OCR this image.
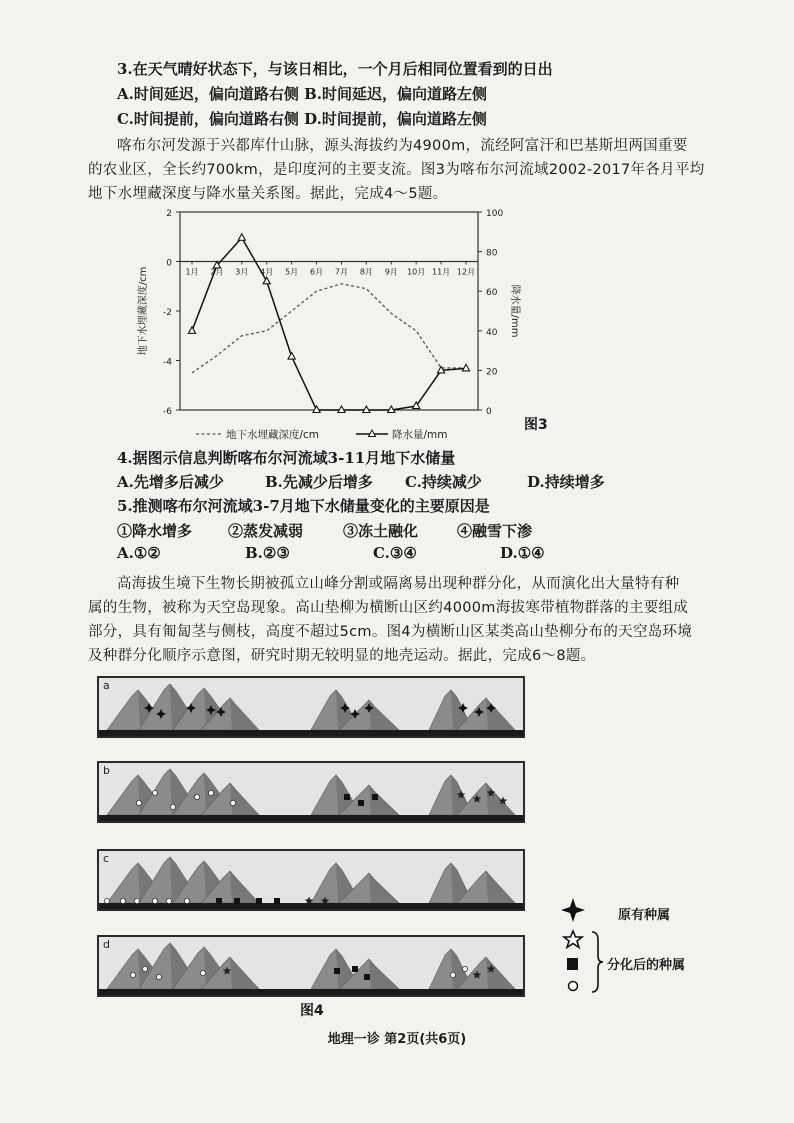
3.在天气晴好状态下，与该日相比，一个月后相同位置看到的日出
A.时间延迟，偏向道路右侧 B.时间延迟，偏向道路左侧
C.时间提前，偏向道路右侧 D.时间提前，偏向道路左侧
喀布尔河发源于兴都库什山脉，源头海拔约为4900m，流经阿富汗和巴基斯坦两国重要
的农业区，全长约700km，是印度河的主要支流。图3为喀布尔河流域2002-2017年各月平均
地下水埋藏深度与降水量关系图。据此，完成4～5题。
2
0
-2
-4
-6
100
80
60
40
20
0
1月 2月 3月 4月 5月 6月 7月 8月 9月 10月 11月 12月
地下水埋藏深度/cm	降水量/mm
地下水埋藏深度/cm	降水量/mm
图3
4.据图示信息判断喀布尔河流域3-11月地下水储量
A.先增多后减少	B.先减少后增多 C.持续减少	D.持续增多
5.推测喀布尔河流域3-7月地下水储量变化的主要原因是
①降水增多 ②蒸发减弱	③冻土融化	④融雪下渗
A.①②	B.②③	C.③④	D.①④
高海拔生境下生物长期被孤立山峰分割或隔离易出现种群分化，从而演化出大量特有种
属的生物，被称为天空岛现象。高山垫柳为横断山区约4000m海拔寒带植物群落的主要组成
部分，具有匍匐茎与侧枝，高度不超过5cm。图4为横断山区某类高山垫柳分布的天空岛环境
及种群分化顺序示意图，研究时期无较明显的地壳运动。据此，完成6～8题。
a
b
c
d
图4
原有种属
分化后的种属
地理一诊 第2页(共6页)
